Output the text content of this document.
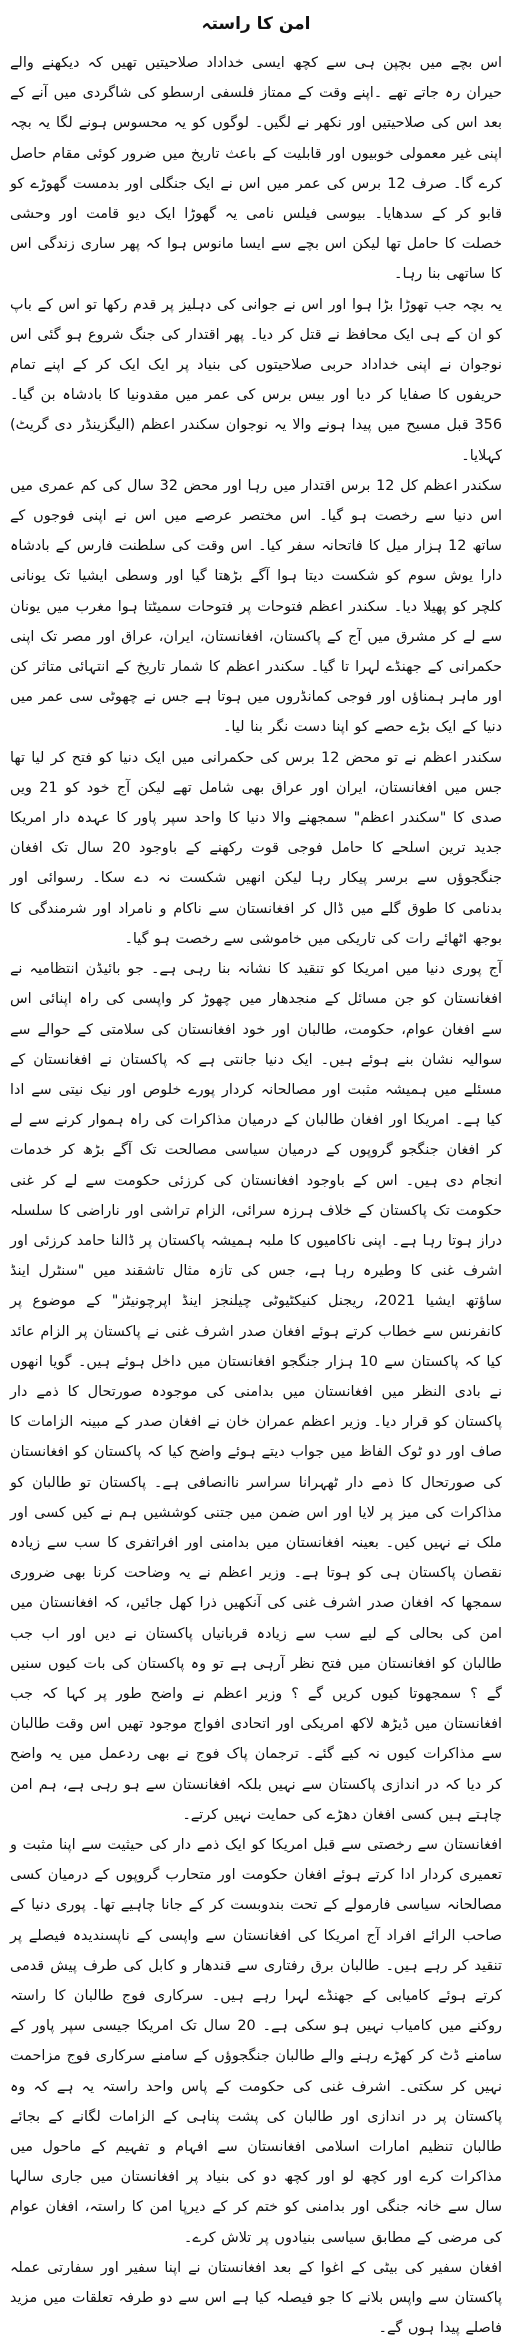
امن کا راستہ

اس بچے میں بچپن ہی سے کچھ ایسی خداداد صلاحیتیں تھیں کہ دیکھنے والے حیران رہ جاتے تھے ۔اپنے وقت کے ممتاز فلسفی ارسطو کی شاگردی میں آنے کے بعد اس کی صلاحیتیں اور نکھر نے لگیں۔ لوگوں کو یہ محسوس ہونے لگا یہ بچہ اپنی غیر معمولی خوبیوں اور قابلیت کے باعث تاریخ میں ضرور کوئی مقام حاصل کرے گا۔ صرف 12 برس کی عمر میں اس نے ایک جنگلی اور بدمست گھوڑے کو قابو کر کے سدھایا۔ بیوسی فیلس نامی یہ گھوڑا ایک دیو قامت اور وحشی خصلت کا حامل تھا لیکن اس بچے سے ایسا مانوس ہوا کہ پھر ساری زندگی اس کا ساتھی بنا رہا۔

یہ بچہ جب تھوڑا بڑا ہوا اور اس نے جوانی کی دہلیز پر قدم رکھا تو اس کے باپ کو ان کے ہی ایک محافظ نے قتل کر دیا۔ پھر اقتدار کی جنگ شروع ہو گئی اس نوجوان نے اپنی خداداد حربی صلاحیتوں کی بنیاد پر ایک ایک کر کے اپنے تمام حریفوں کا صفایا کر دیا اور بیس برس کی عمر میں مقدونیا کا بادشاہ بن گیا۔ 356 قبل مسیح میں پیدا ہونے والا یہ نوجوان سکندر اعظم (الیگزینڈر دی گریٹ) کہلایا۔

سکندر اعظم کل 12 برس اقتدار میں رہا اور محض 32 سال کی کم عمری میں اس دنیا سے رخصت ہو گیا۔ اس مختصر عرصے میں اس نے اپنی فوجوں کے ساتھ 12 ہزار میل کا فاتحانہ سفر کیا۔ اس وقت کی سلطنت فارس کے بادشاہ دارا یوش سوم کو شکست دیتا ہوا آگے بڑھتا گیا اور وسطی ایشیا تک یونانی کلچر کو پھیلا دیا۔ سکندر اعظم فتوحات پر فتوحات سمیٹتا ہوا مغرب میں یونان سے لے کر مشرق میں آج کے پاکستان، افغانستان، ایران، عراق اور مصر تک اپنی حکمرانی کے جھنڈے لہرا تا گیا۔ سکندر اعظم کا شمار تاریخ کے انتہائی متاثر کن اور ماہر ہمناؤں اور فوجی کمانڈروں میں ہوتا ہے جس نے چھوٹی سی عمر میں دنیا کے ایک بڑے حصے کو اپنا دست نگر بنا لیا۔

سکندر اعظم نے تو محض 12 برس کی حکمرانی میں ایک دنیا کو فتح کر لیا تھا جس میں افغانستان، ایران اور عراق بھی شامل تھے لیکن آج خود کو 21 ویں صدی کا "سکندر اعظم" سمجھنے والا دنیا کا واحد سپر پاور کا عہدہ دار امریکا جدید ترین اسلحے کا حامل فوجی قوت رکھنے کے باوجود 20 سال تک افغان جنگجوؤں سے برسر پیکار رہا لیکن انھیں شکست نہ دے سکا۔ رسوائی اور بدنامی کا طوق گلے میں ڈال کر افغانستان سے ناکام و نامراد اور شرمندگی کا بوجھ اٹھائے رات کی تاریکی میں خاموشی سے رخصت ہو گیا۔

آج پوری دنیا میں امریکا کو تنقید کا نشانہ بنا رہی ہے۔ جو بائیڈن انتظامیہ نے افغانستان کو جن مسائل کے منجدھار میں چھوڑ کر واپسی کی راہ اپنائی اس سے افغان عوام، حکومت، طالبان اور خود افغانستان کی سلامتی کے حوالے سے سوالیہ نشان بنے ہوئے ہیں۔ ایک دنیا جانتی ہے کہ پاکستان نے افغانستان کے مسئلے میں ہمیشہ مثبت اور مصالحانہ کردار پورے خلوص اور نیک نیتی سے ادا کیا ہے۔ امریکا اور افغان طالبان کے درمیان مذاکرات کی راہ ہموار کرنے سے لے کر افغان جنگجو گروپوں کے درمیان سیاسی مصالحت تک آگے بڑھ کر خدمات انجام دی ہیں۔ اس کے باوجود افغانستان کی کرزئی حکومت سے لے کر غنی حکومت تک پاکستان کے خلاف ہرزہ سرائی، الزام تراشی اور ناراضی کا سلسلہ دراز ہوتا رہا ہے۔ اپنی ناکامیوں کا ملبہ ہمیشہ پاکستان پر ڈالنا حامد کرزئی اور اشرف غنی کا وطیرہ رہا ہے، جس کی تازہ مثال تاشقند میں "سنٹرل اینڈ ساؤتھ ایشیا 2021، ریجنل کنیکٹیوٹی چیلنجز اینڈ اپرچونیٹز" کے موضوع پر کانفرنس سے خطاب کرتے ہوئے افغان صدر اشرف غنی نے پاکستان پر الزام عائد کیا کہ پاکستان سے 10 ہزار جنگجو افغانستان میں داخل ہوئے ہیں۔ گویا انھوں نے بادی النظر میں افغانستان میں بدامنی کی موجودہ صورتحال کا ذمے دار پاکستان کو قرار دیا۔ وزیر اعظم عمران خان نے افغان صدر کے مبینہ الزامات کا صاف اور دو ٹوک الفاظ میں جواب دیتے ہوئے واضح کیا کہ پاکستان کو افغانستان کی صورتحال کا ذمے دار ٹھہرانا سراسر ناانصافی ہے۔ پاکستان تو طالبان کو مذاکرات کی میز پر لایا اور اس ضمن میں جتنی کوششیں ہم نے کیں کسی اور ملک نے نہیں کیں۔ بعینہ افغانستان میں بدامنی اور افراتفری کا سب سے زیادہ نقصان پاکستان ہی کو ہوتا ہے۔ وزیر اعظم نے یہ وضاحت کرنا بھی ضروری سمجھا کہ افغان صدر اشرف غنی کی آنکھیں ذرا کھل جائیں، کہ افغانستان میں امن کی بحالی کے لیے سب سے زیادہ قربانیاں پاکستان نے دیں اور اب جب طالبان کو افغانستان میں فتح نظر آرہی ہے تو وہ پاکستان کی بات کیوں سنیں گے ؟ سمجھوتا کیوں کریں گے ؟ وزیر اعظم نے واضح طور پر کہا کہ جب افغانستان میں ڈیڑھ لاکھ امریکی اور اتحادی افواج موجود تھیں اس وقت طالبان سے مذاکرات کیوں نہ کیے گئے۔ ترجمان پاک فوج نے بھی ردعمل میں یہ واضح کر دیا کہ در اندازی پاکستان سے نہیں بلکہ افغانستان سے ہو رہی ہے، ہم امن چاہتے ہیں کسی افغان دھڑے کی حمایت نہیں کرتے۔

افغانستان سے رخصتی سے قبل امریکا کو ایک ذمے دار کی حیثیت سے اپنا مثبت و تعمیری کردار ادا کرتے ہوئے افغان حکومت اور متحارب گروپوں کے درمیان کسی مصالحانہ سیاسی فارمولے کے تحت بندوبست کر کے جانا چاہیے تھا۔ پوری دنیا کے صاحب الرائے افراد آج امریکا کی افغانستان سے واپسی کے ناپسندیدہ فیصلے پر تنقید کر رہے ہیں۔ طالبان برق رفتاری سے قندھار و کابل کی طرف پیش قدمی کرتے ہوئے کامیابی کے جھنڈے لہرا رہے ہیں۔ سرکاری فوج طالبان کا راستہ روکنے میں کامیاب نہیں ہو سکی ہے۔ 20 سال تک امریکا جیسی سپر پاور کے سامنے ڈٹ کر کھڑے رہنے والے طالبان جنگجوؤں کے سامنے سرکاری فوج مزاحمت نہیں کر سکتی۔ اشرف غنی کی حکومت کے پاس واحد راستہ یہ ہے کہ وہ پاکستان پر در اندازی اور طالبان کی پشت پناہی کے الزامات لگانے کے بجائے طالبان تنظیم امارات اسلامی افغانستان سے افہام و تفہیم کے ماحول میں مذاکرات کرے اور کچھ لو اور کچھ دو کی بنیاد پر افغانستان میں جاری سالہا سال سے خانہ جنگی اور بدامنی کو ختم کر کے دیرپا امن کا راستہ، افغان عوام کی مرضی کے مطابق سیاسی بنیادوں پر تلاش کرے۔

افغان سفیر کی بیٹی کے اغوا کے بعد افغانستان نے اپنا سفیر اور سفارتی عملہ پاکستان سے واپس بلانے کا جو فیصلہ کیا ہے اس سے دو طرفہ تعلقات میں مزید فاصلے پیدا ہوں گے۔
